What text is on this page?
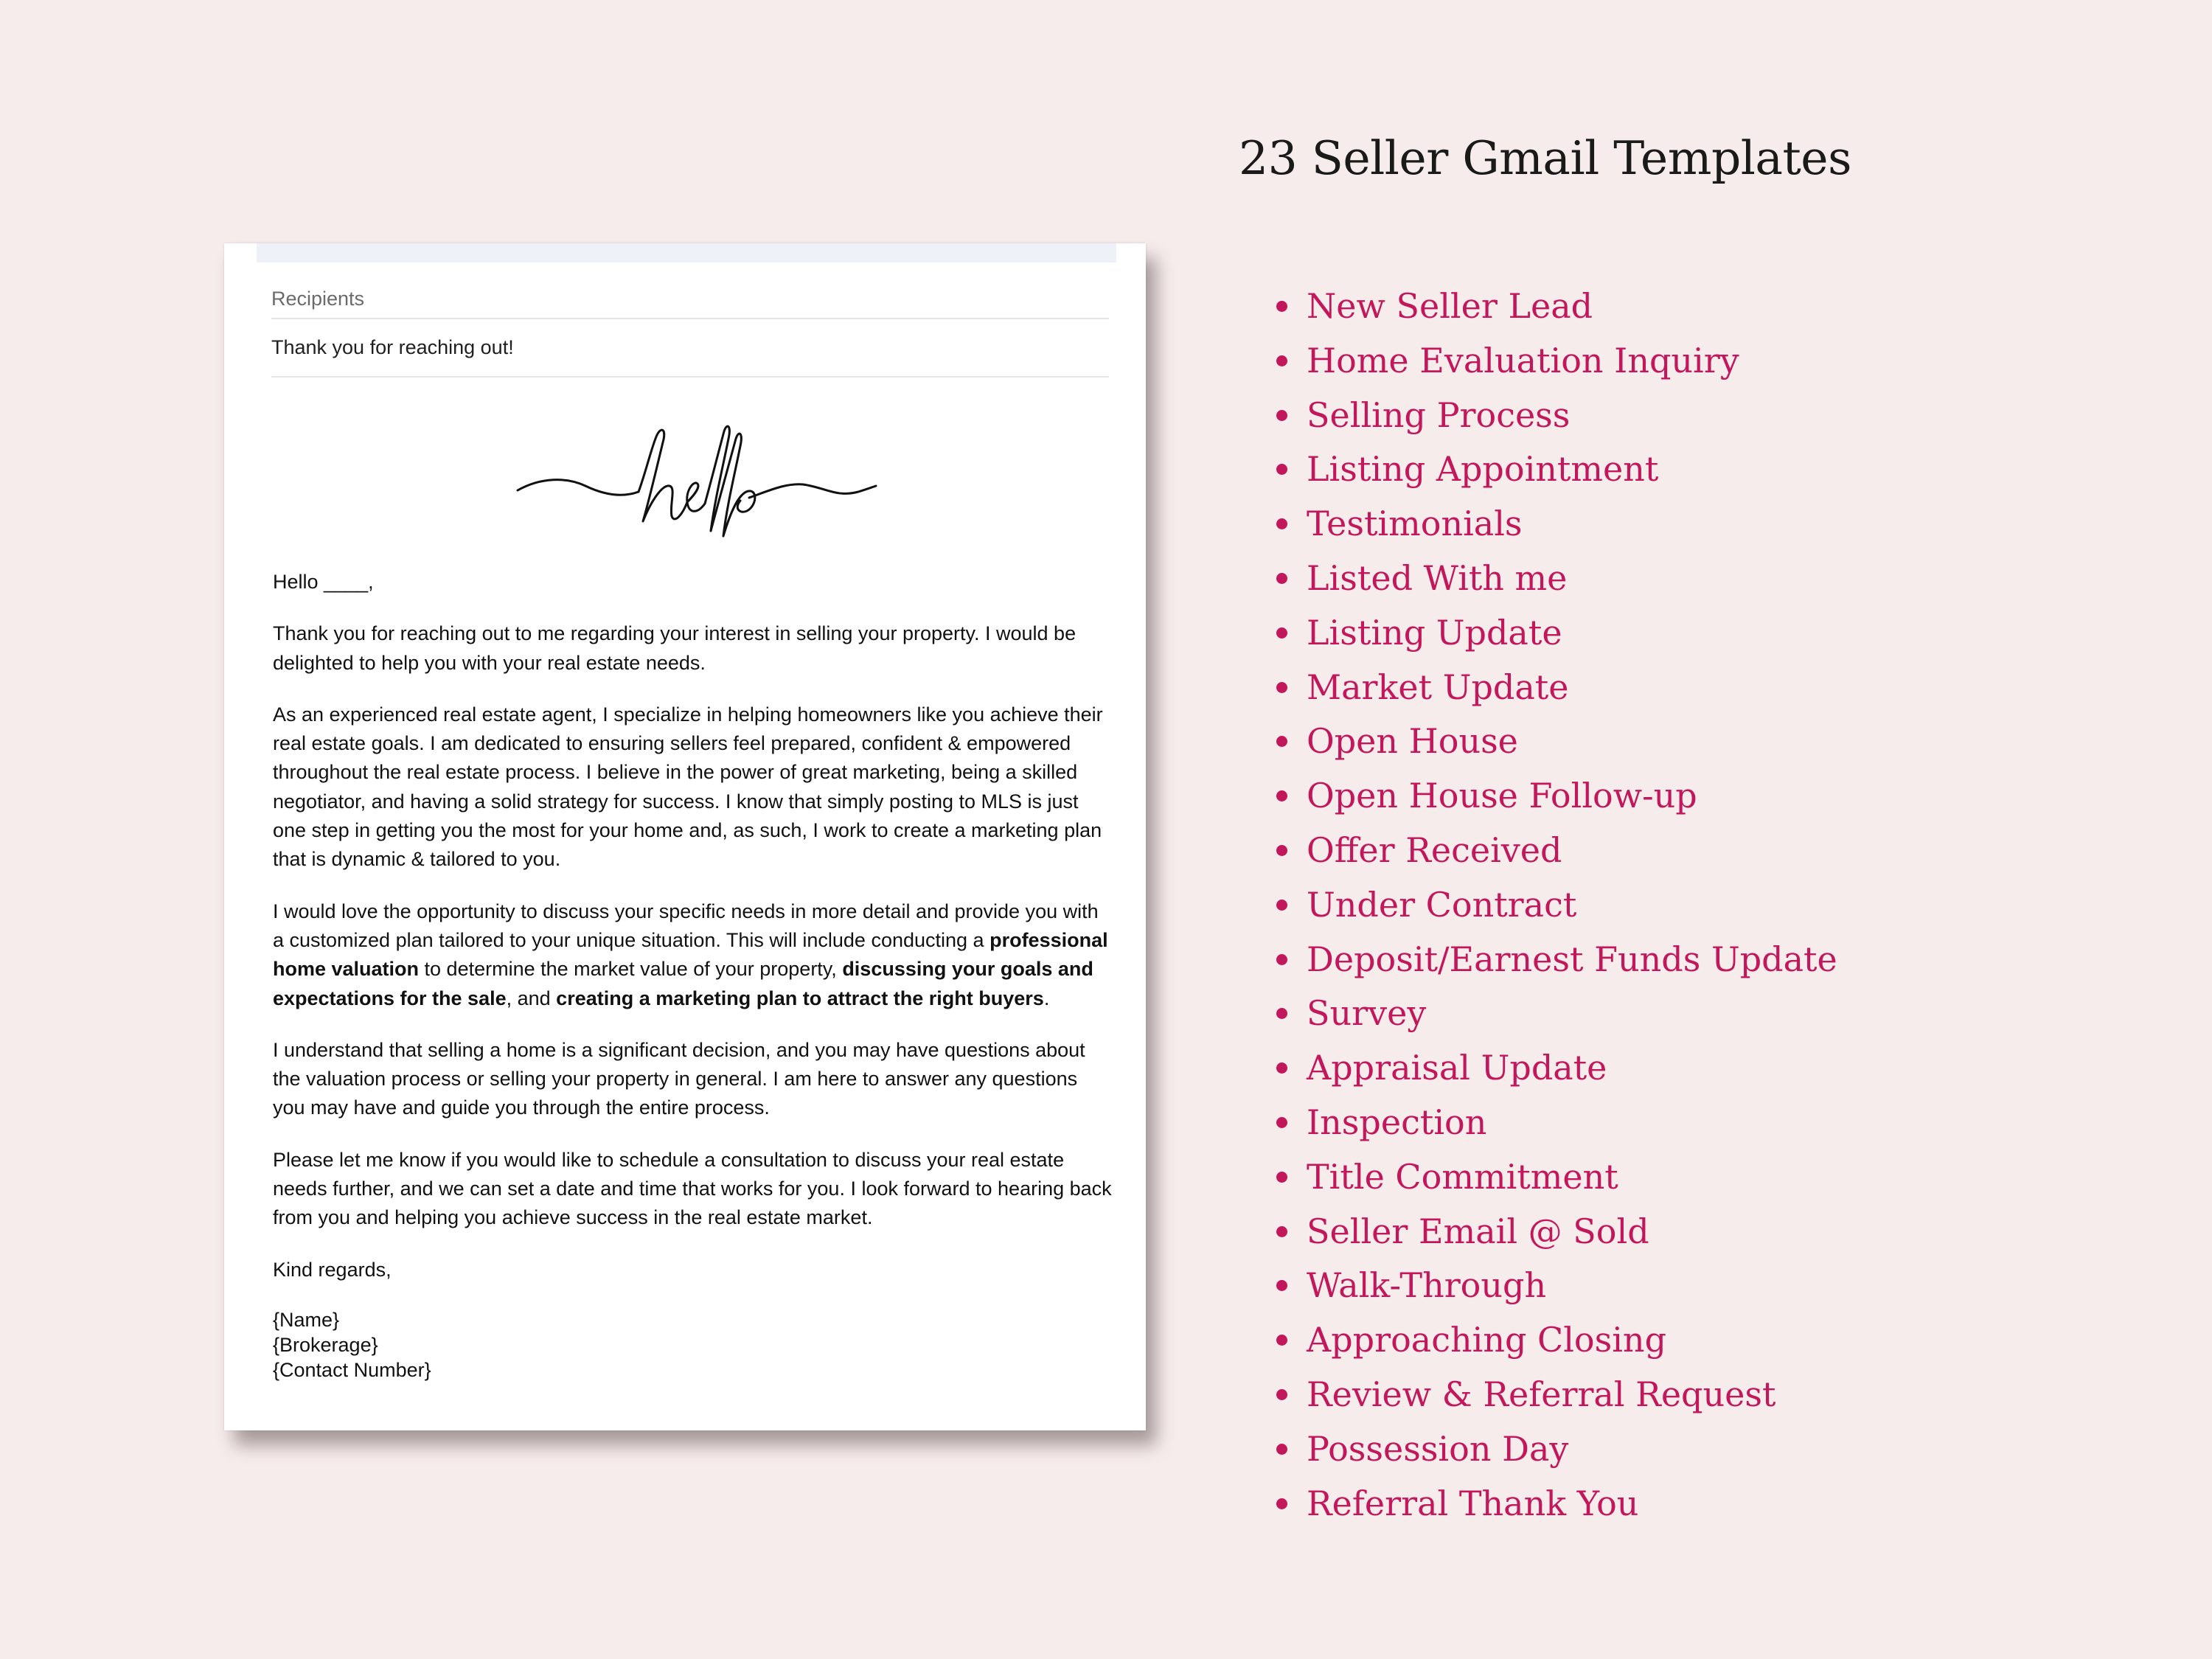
Recipients
Thank you for reaching out!

Hello ____,

Thank you for reaching out to me regarding your interest in selling your property. I would be delighted to help you with your real estate needs.

As an experienced real estate agent, I specialize in helping homeowners like you achieve their real estate goals. I am dedicated to ensuring sellers feel prepared, confident & empowered throughout the real estate process. I believe in the power of great marketing, being a skilled negotiator, and having a solid strategy for success. I know that simply posting to MLS is just one step in getting you the most for your home and, as such, I work to create a marketing plan that is dynamic & tailored to you.

I would love the opportunity to discuss your specific needs in more detail and provide you with a customized plan tailored to your unique situation. This will include conducting a professional home valuation to determine the market value of your property, discussing your goals and expectations for the sale, and creating a marketing plan to attract the right buyers.

I understand that selling a home is a significant decision, and you may have questions about the valuation process or selling your property in general. I am here to answer any questions you may have and guide you through the entire process.

Please let me know if you would like to schedule a consultation to discuss your real estate needs further, and we can set a date and time that works for you. I look forward to hearing back from you and helping you achieve success in the real estate market.

Kind regards,

{Name}
{Brokerage}
{Contact Number}
23 Seller Gmail Templates
New Seller Lead
Home Evaluation Inquiry
Selling Process
Listing Appointment
Testimonials
Listed With me
Listing Update
Market Update
Open House
Open House Follow-up
Offer Received
Under Contract
Deposit/Earnest Funds Update
Survey
Appraisal Update
Inspection
Title Commitment
Seller Email @ Sold
Walk-Through
Approaching Closing
Review & Referral Request
Possession Day
Referral Thank You
